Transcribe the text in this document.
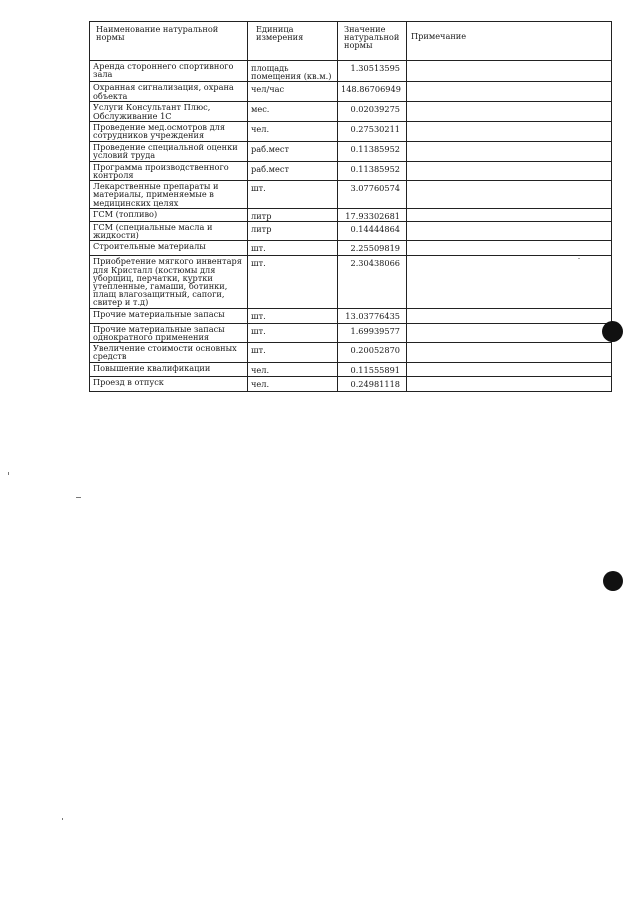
Наименование натуральной нормы	Единица измерения	Значение натуральной нормы	Примечание
Аренда стороннего спортивного зала	площадь помещения (кв.м.)	1.30513595	
Охранная сигнализация, охрана объекта	чел/час	148.86706949	
Услуги Консультант Плюс, Обслуживание 1С	мес.	0.02039275	
Проведение мед.осмотров для сотрудников учреждения	чел.	0.27530211	
Проведение специальной оценки условий труда	раб.мест	0.11385952	
Программа производственного контроля	раб.мест	0.11385952	
Лекарственные препараты и материалы, применяемые в медицинских целях	шт.	3.07760574	
ГСМ (топливо)	литр	17.93302681	
ГСМ (специальные масла и жидкости)	литр	0.14444864	
Строительные материалы	шт.	2.25509819	
Приобретение мягкого инвентаря для Кристалл (костюмы для уборщиц, перчатки, куртки утепленные, гамаши, ботинки, плащ влагозащитный, сапоги, свитер и т.д)	шт.	2.30438066	
Прочие материальные запасы	шт.	13.03776435	
Прочие материальные запасы однократного применения	шт.	1.69939577	
Увеличение стоимости основных средств	шт.	0.20052870	
Повышение квалификации	чел.	0.11555891	
Проезд в отпуск	чел.	0.24981118	
